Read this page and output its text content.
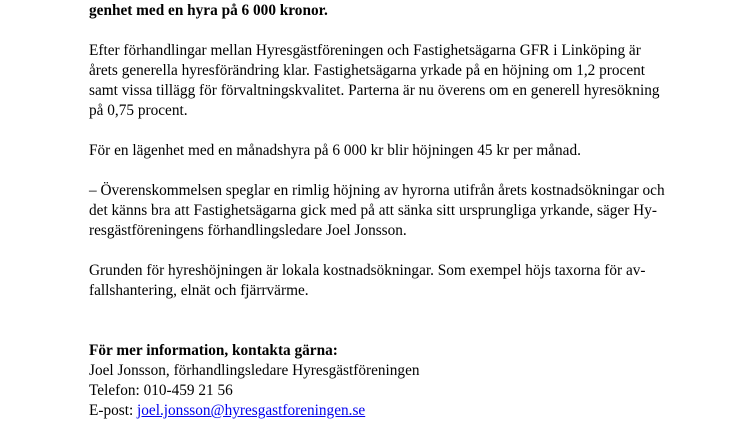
genhet med en hyra på 6 000 kronor.

Efter förhandlingar mellan Hyresgästföreningen och Fastighetsägarna GFR i Linköping är

årets generella hyresförändring klar. Fastighetsägarna yrkade på en höjning om 1,2 procent

samt vissa tillägg för förvaltningskvalitet. Parterna är nu överens om en generell hyresökning

på 0,75 procent.

För en lägenhet med en månadshyra på 6 000 kr blir höjningen 45 kr per månad.

– Överenskommelsen speglar en rimlig höjning av hyrorna utifrån årets kostnadsökningar och

det känns bra att Fastighetsägarna gick med på att sänka sitt ursprungliga yrkande, säger Hy-

resgästföreningens förhandlingsledare Joel Jonsson.

Grunden för hyreshöjningen är lokala kostnadsökningar. Som exempel höjs taxorna för av-

fallshantering, elnät och fjärrvärme.

För mer information, kontakta gärna:

Joel Jonsson, förhandlingsledare Hyresgästföreningen

Telefon: 010-459 21 56

E-post: joel.jonsson@hyresgastforeningen.se
